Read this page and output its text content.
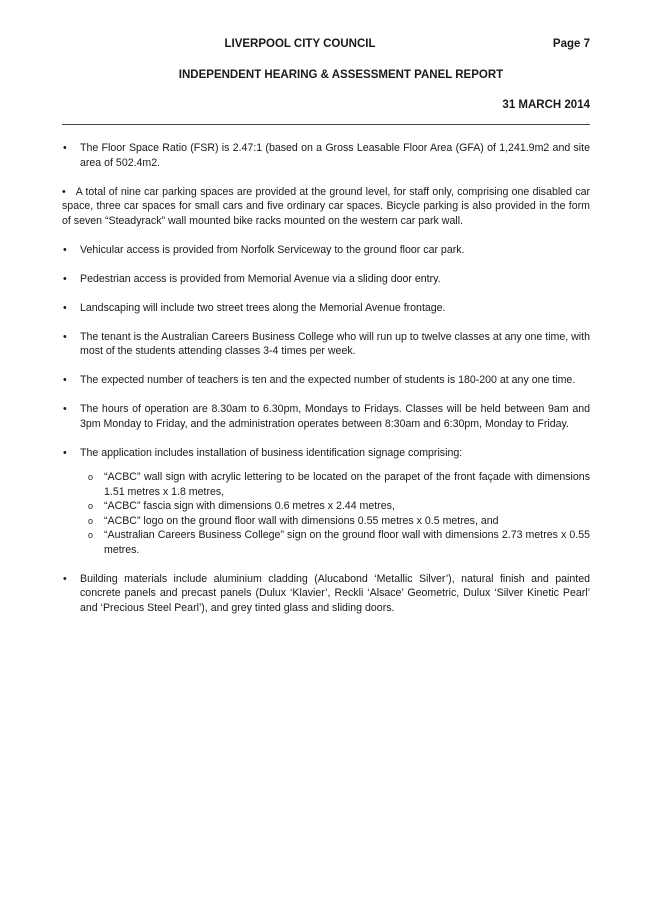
LIVERPOOL CITY COUNCIL	Page 7
INDEPENDENT HEARING & ASSESSMENT PANEL REPORT
31 MARCH 2014
• The Floor Space Ratio (FSR) is 2.47:1 (based on a Gross Leasable Floor Area (GFA) of 1,241.9m2 and site area of 502.4m2.
• A total of nine car parking spaces are provided at the ground level, for staff only, comprising one disabled car space, three car spaces for small cars and five ordinary car spaces. Bicycle parking is also provided in the form of seven “Steadyrack” wall mounted bike racks mounted on the western car park wall.
• Vehicular access is provided from Norfolk Serviceway to the ground floor car park.
• Pedestrian access is provided from Memorial Avenue via a sliding door entry.
• Landscaping will include two street trees along the Memorial Avenue frontage.
• The tenant is the Australian Careers Business College who will run up to twelve classes at any one time, with most of the students attending classes 3-4 times per week.
• The expected number of teachers is ten and the expected number of students is 180-200 at any one time.
• The hours of operation are 8.30am to 6.30pm, Mondays to Fridays. Classes will be held between 9am and 3pm Monday to Friday, and the administration operates between 8:30am and 6:30pm, Monday to Friday.
• The application includes installation of business identification signage comprising:
o “ACBC” wall sign with acrylic lettering to be located on the parapet of the front façade with dimensions 1.51 metres x 1.8 metres,
o “ACBC” fascia sign with dimensions 0.6 metres x 2.44 metres,
o “ACBC” logo on the ground floor wall with dimensions 0.55 metres x 0.5 metres, and
o “Australian Careers Business College” sign on the ground floor wall with dimensions 2.73 metres x 0.55 metres.
• Building materials include aluminium cladding (Alucabond ‘Metallic Silver’), natural finish and painted concrete panels and precast panels (Dulux ‘Klavier’, Reckli ‘Alsace’ Geometric, Dulux ‘Silver Kinetic Pearl’ and ‘Precious Steel Pearl’), and grey tinted glass and sliding doors.
